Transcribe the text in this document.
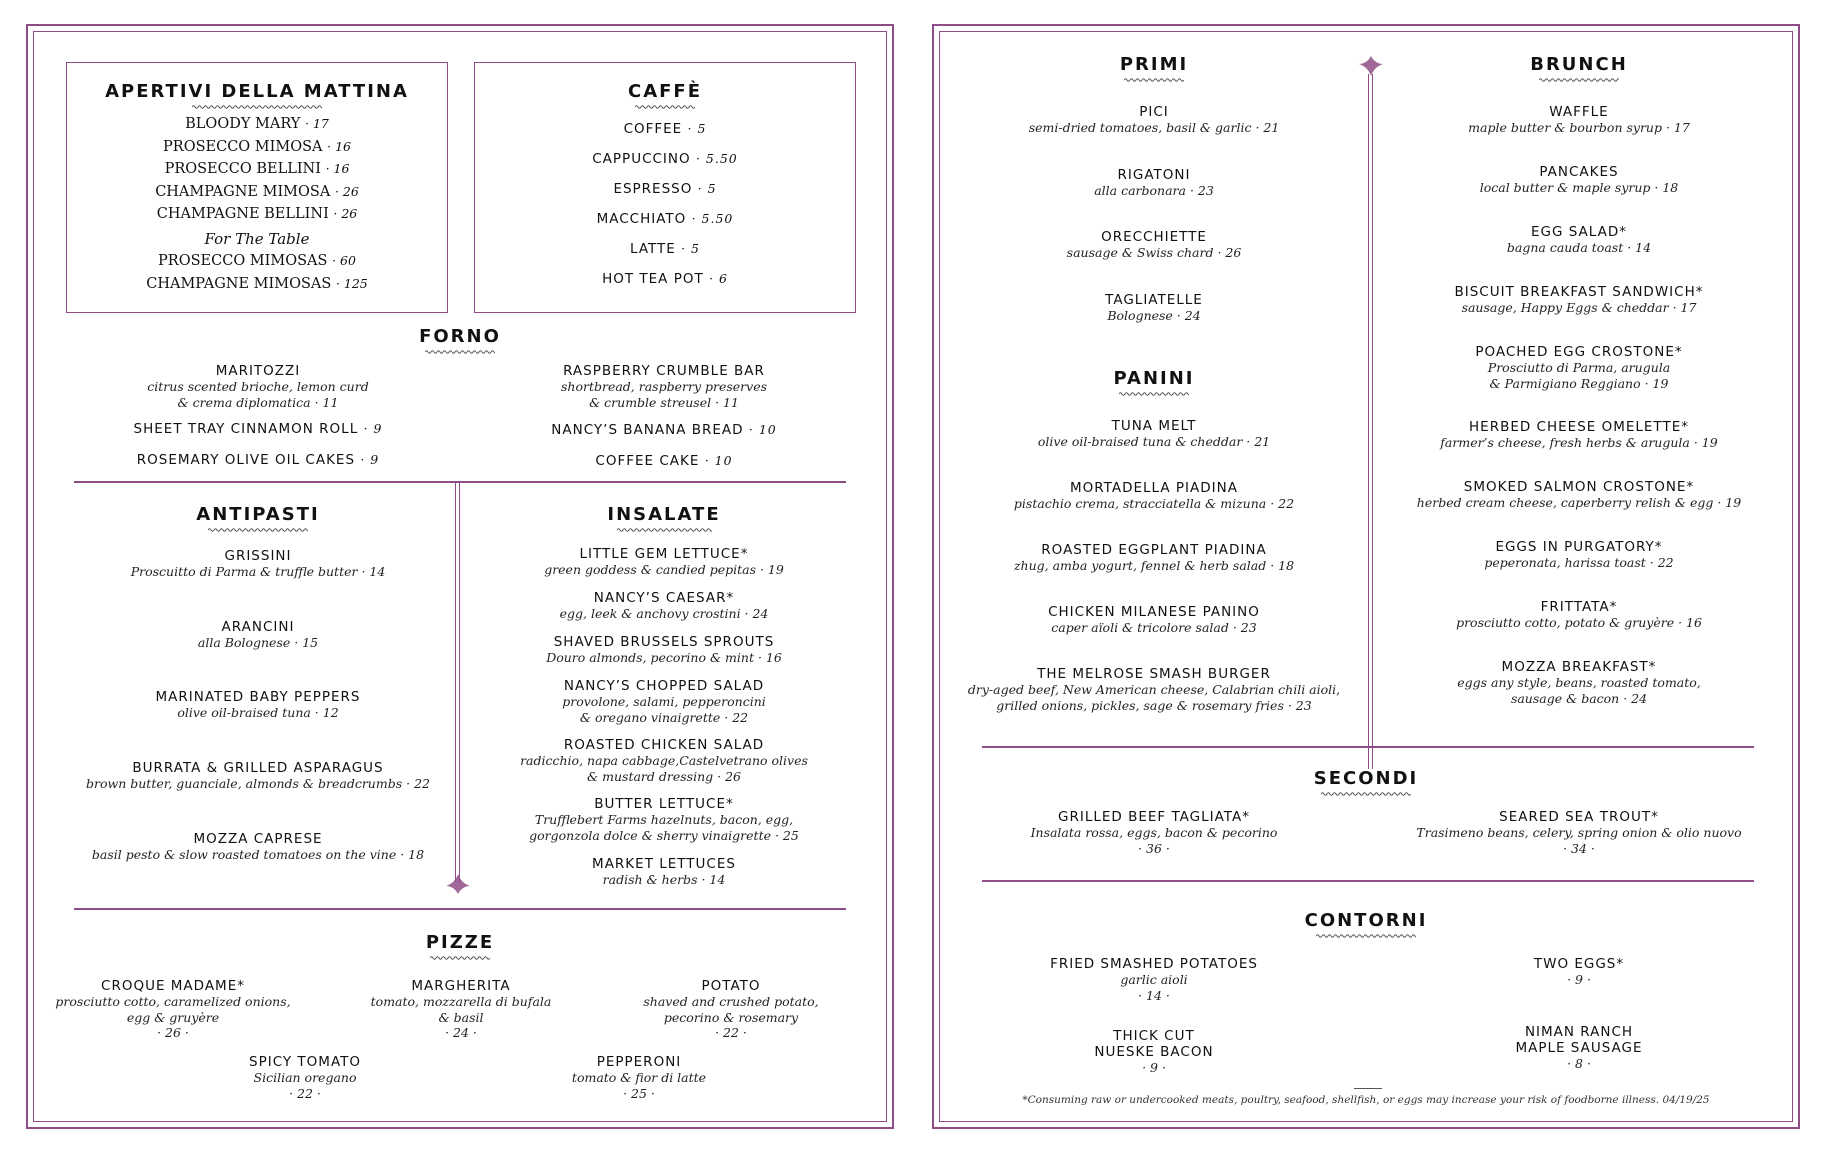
APERTIVI DELLA MATTINA
BLOODY MARY · 17
PROSECCO MIMOSA · 16
PROSECCO BELLINI · 16
CHAMPAGNE MIMOSA · 26
CHAMPAGNE BELLINI · 26
For The Table
PROSECCO MIMOSAS · 60
CHAMPAGNE MIMOSAS · 125
CAFFÈ
COFFEE · 5
CAPPUCCINO · 5.50
ESPRESSO · 5
MACCHIATO · 5.50
LATTE · 5
HOT TEA POT · 6
FORNO
MARITOZZI
citrus scented brioche, lemon curd
& crema diplomatica · 11
SHEET TRAY CINNAMON ROLL · 9
ROSEMARY OLIVE OIL CAKES · 9
RASPBERRY CRUMBLE BAR
shortbread, raspberry preserves
& crumble streusel · 11
NANCY’S BANANA BREAD · 10
COFFEE CAKE · 10
ANTIPASTI
GRISSINI
Proscuitto di Parma & truffle butter · 14
ARANCINI
alla Bolognese · 15
MARINATED BABY PEPPERS
olive oil-braised tuna · 12
BURRATA & GRILLED ASPARAGUS
brown butter, guanciale, almonds & breadcrumbs · 22
MOZZA CAPRESE
basil pesto & slow roasted tomatoes on the vine · 18
INSALATE
LITTLE GEM LETTUCE*
green goddess & candied pepitas · 19
NANCY’S CAESAR*
egg, leek & anchovy crostini · 24
SHAVED BRUSSELS SPROUTS
Douro almonds, pecorino & mint · 16
NANCY’S CHOPPED SALAD
provolone, salami, pepperoncini
& oregano vinaigrette · 22
ROASTED CHICKEN SALAD
radicchio, napa cabbage,Castelvetrano olives
& mustard dressing · 26
BUTTER LETTUCE*
Trufflebert Farms hazelnuts, bacon, egg,
gorgonzola dolce & sherry vinaigrette · 25
MARKET LETTUCES
radish & herbs · 14
PIZZE
CROQUE MADAME*
prosciutto cotto, caramelized onions,
egg & gruyère
· 26 ·
MARGHERITA
tomato, mozzarella di bufala
& basil
· 24 ·
POTATO
shaved and crushed potato,
pecorino & rosemary
· 22 ·
SPICY TOMATO
Sicilian oregano
· 22 ·
PEPPERONI
tomato & fior di latte
· 25 ·
PRIMI
PICI
semi-dried tomatoes, basil & garlic · 21
RIGATONI
alla carbonara · 23
ORECCHIETTE
sausage & Swiss chard · 26
TAGLIATELLE
Bolognese · 24
PANINI
TUNA MELT
olive oil-braised tuna & cheddar · 21
MORTADELLA PIADINA
pistachio crema, stracciatella & mizuna · 22
ROASTED EGGPLANT PIADINA
zhug, amba yogurt, fennel & herb salad · 18
CHICKEN MILANESE PANINO
caper aïoli & tricolore salad · 23
THE MELROSE SMASH BURGER
dry-aged beef, New American cheese, Calabrian chili aioli,
grilled onions, pickles, sage & rosemary fries · 23
BRUNCH
WAFFLE
maple butter & bourbon syrup · 17
PANCAKES
local butter & maple syrup · 18
EGG SALAD*
bagna cauda toast · 14
BISCUIT BREAKFAST SANDWICH*
sausage, Happy Eggs & cheddar · 17
POACHED EGG CROSTONE*
Prosciutto di Parma, arugula
& Parmigiano Reggiano · 19
HERBED CHEESE OMELETTE*
farmer’s cheese, fresh herbs & arugula · 19
SMOKED SALMON CROSTONE*
herbed cream cheese, caperberry relish & egg · 19
EGGS IN PURGATORY*
peperonata, harissa toast · 22
FRITTATA*
prosciutto cotto, potato & gruyère · 16
MOZZA BREAKFAST*
eggs any style, beans, roasted tomato,
sausage & bacon · 24
SECONDI
GRILLED BEEF TAGLIATA*
Insalata rossa, eggs, bacon & pecorino
· 36 ·
SEARED SEA TROUT*
Trasimeno beans, celery, spring onion & olio nuovo
· 34 ·
CONTORNI
FRIED SMASHED POTATOES
garlic aioli
· 14 ·
TWO EGGS*
· 9 ·
THICK CUT
NUESKE BACON
· 9 ·
NIMAN RANCH
MAPLE SAUSAGE
· 8 ·
*Consuming raw or undercooked meats, poultry, seafood, shellfish, or eggs may increase your risk of foodborne illness. 04/19/25
